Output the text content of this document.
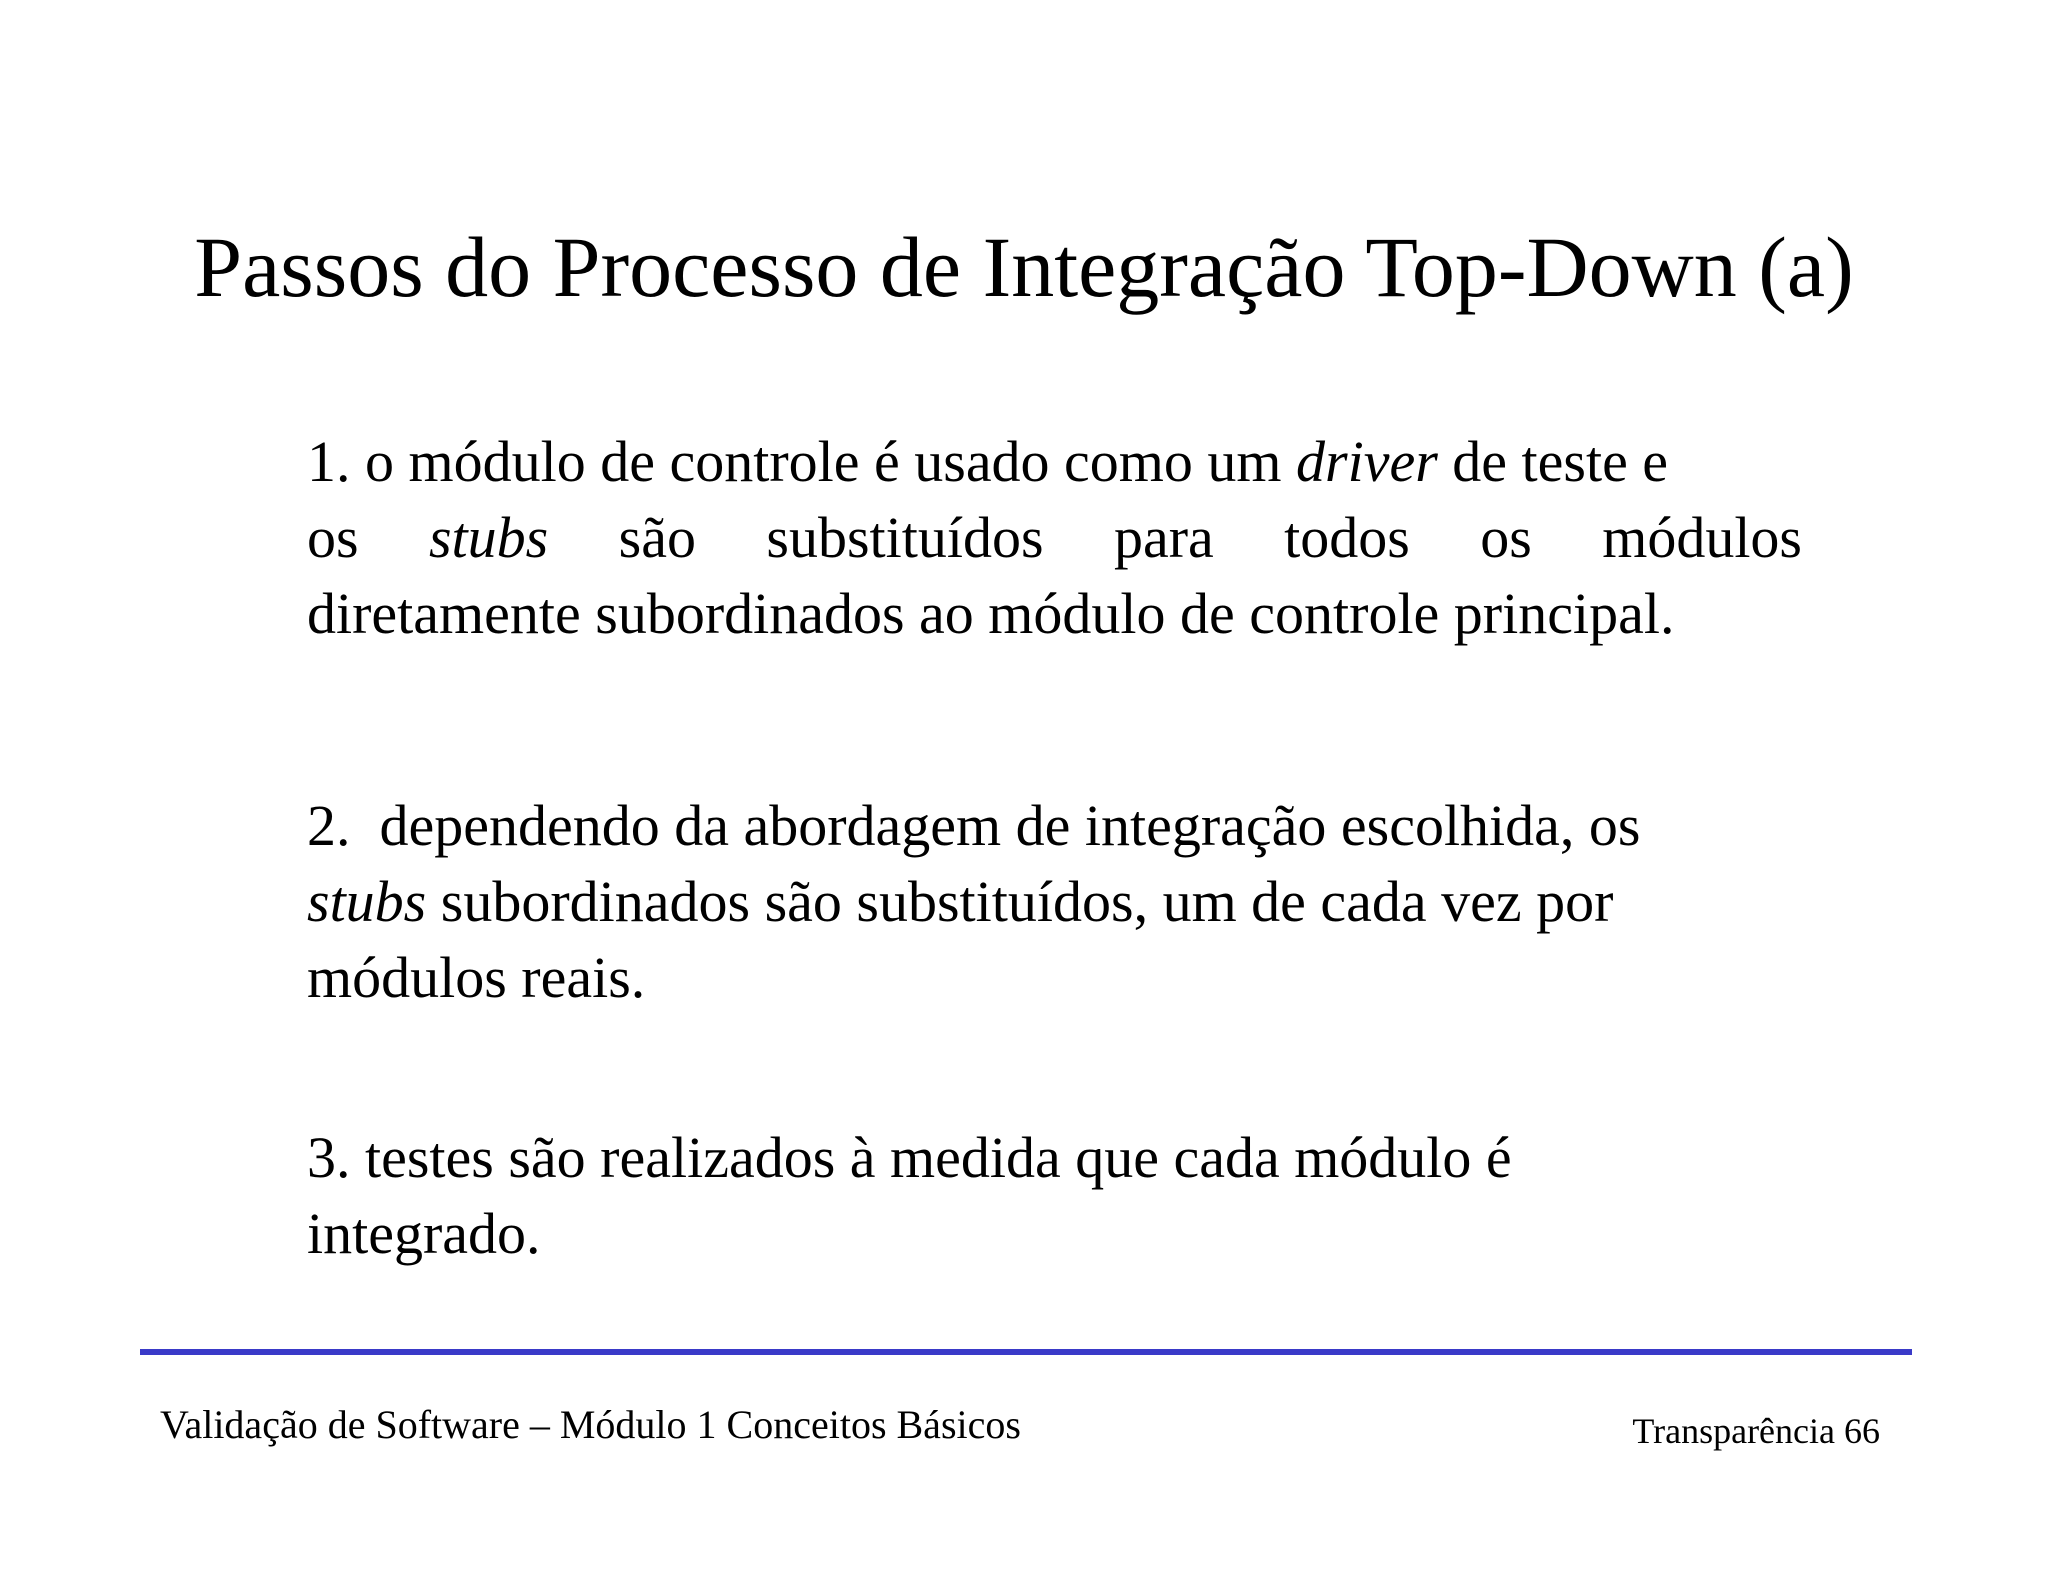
Passos do Processo de Integração Top-Down (a)
1. o módulo de controle é usado como um driver de teste e
os stubs são substituídos para todos os módulos
diretamente subordinados ao módulo de controle principal.
2. dependendo da abordagem de integração escolhida, os
stubs subordinados são substituídos, um de cada vez por
módulos reais.
3. testes são realizados à medida que cada módulo é
integrado.
Validação de Software – Módulo 1 Conceitos Básicos	Transparência 66
